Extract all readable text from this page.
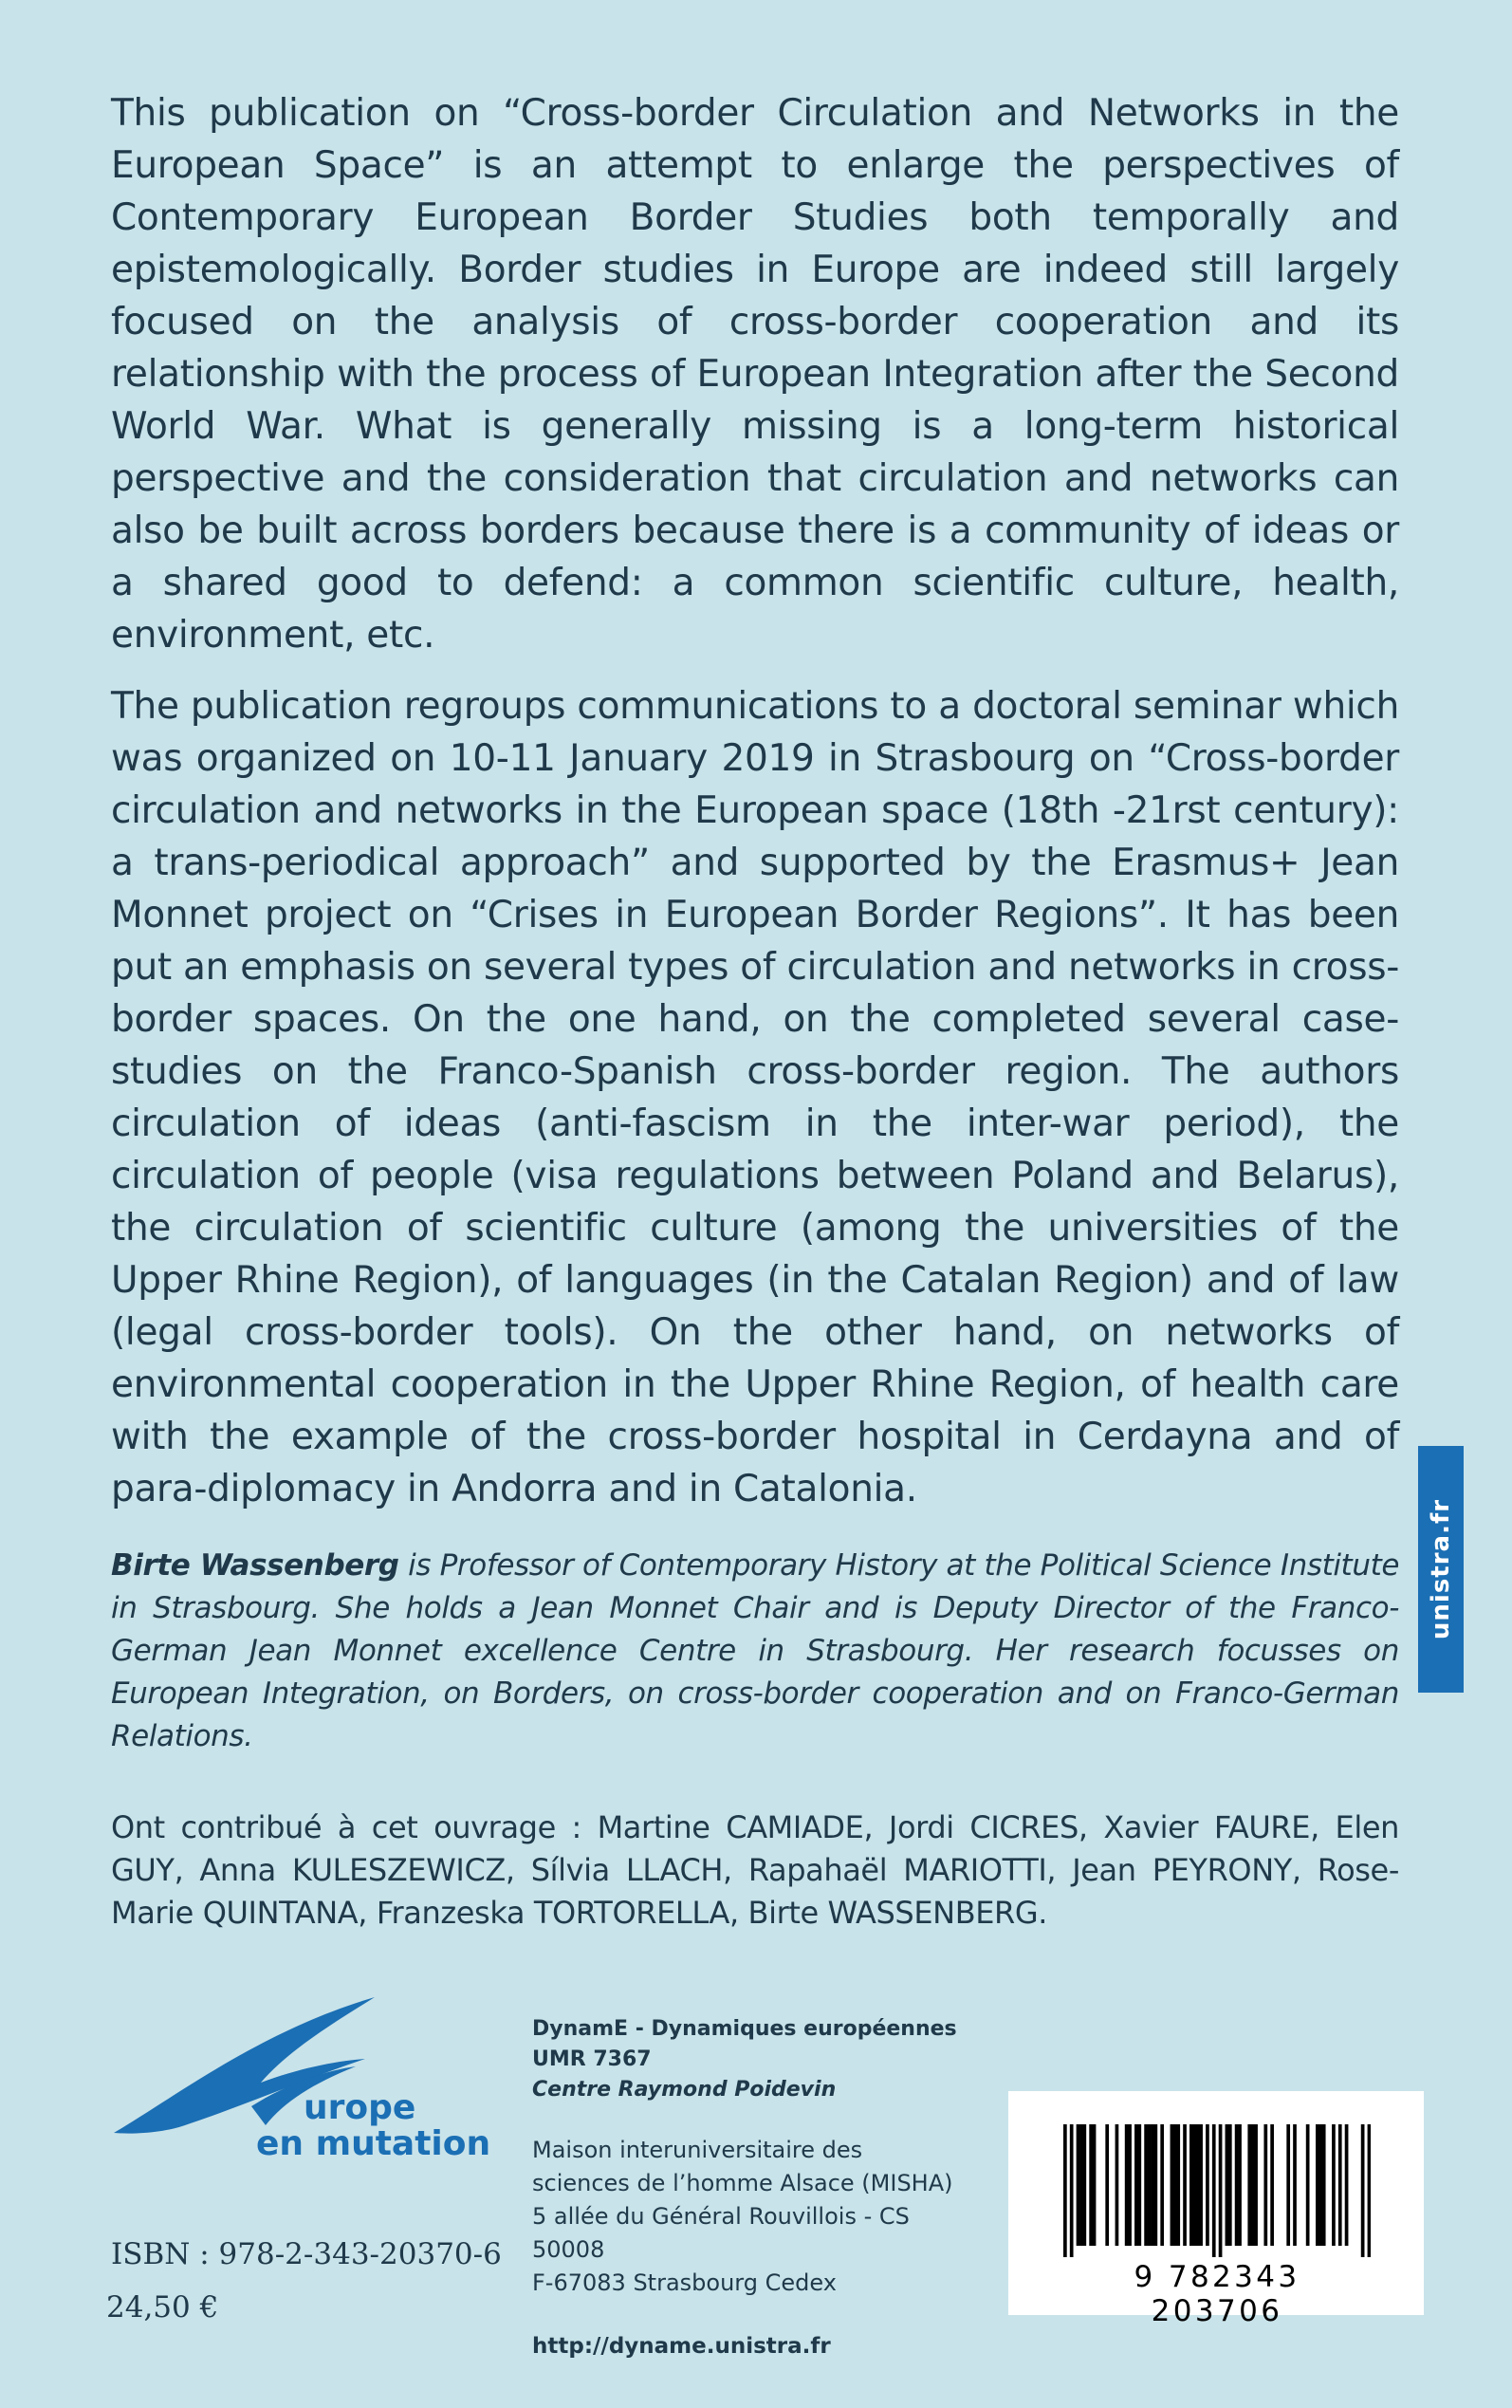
This publication on “Cross-border Circulation and Networks in the European Space” is an attempt to enlarge the perspectives of Contemporary European Border Studies both temporally and epistemologically. Border studies in Europe are indeed still largely focused on the analysis of cross-border cooperation and its relationship with the process of European Integration after the Second World War. What is generally missing is a long-term historical perspective and the consideration that circulation and networks can also be built across borders because there is a community of ideas or a shared good to defend: a common scientific culture, health, environment, etc.

The publication regroups communications to a doctoral seminar which was organized on 10-11 January 2019 in Strasbourg on “Cross-border circulation and networks in the European space (18th -21rst century): a trans-periodical approach” and supported by the Erasmus+ Jean Monnet project on “Crises in European Border Regions”. It has been put an emphasis on several types of circulation and networks in cross-border spaces. On the one hand, on the completed several case-studies on the Franco-Spanish cross-border region. The authors circulation of ideas (anti-fascism in the inter-war period), the circulation of people (visa regulations between Poland and Belarus), the circulation of scientific culture (among the universities of the Upper Rhine Region), of languages (in the Catalan Region) and of law (legal cross-border tools). On the other hand, on networks of environmental cooperation in the Upper Rhine Region, of health care with the example of the cross-border hospital in Cerdayna and of para-diplomacy in Andorra and in Catalonia.

unistra.fr
Birte Wassenberg is Professor of Contemporary History at the Political Science Institute in Strasbourg. She holds a Jean Monnet Chair and is Deputy Director of the Franco-German Jean Monnet excellence Centre in Strasbourg. Her research focusses on European Integration, on Borders, on cross-border cooperation and on Franco-German Relations.
Ont contribué à cet ouvrage : Martine CAMIADE, Jordi CICRES, Xavier FAURE, Elen GUY, Anna KULESZEWICZ, Sílvia LLACH, Rapahaël MARIOTTI, Jean PEYRONY, Rose-Marie QUINTANA, Franzeska TORTORELLA, Birte WASSENBERG.
urope
en mutation
ISBN : 978-2-343-20370-6
24,50 €
DynamE - Dynamiques européennes
UMR 7367
Centre Raymond Poidevin
Maison interuniversitaire des
sciences de l’homme Alsace (MISHA)
5 allée du Général Rouvillois - CS 50008
F-67083 Strasbourg Cedex
http://dyname.unistra.fr
9 782343 203706
